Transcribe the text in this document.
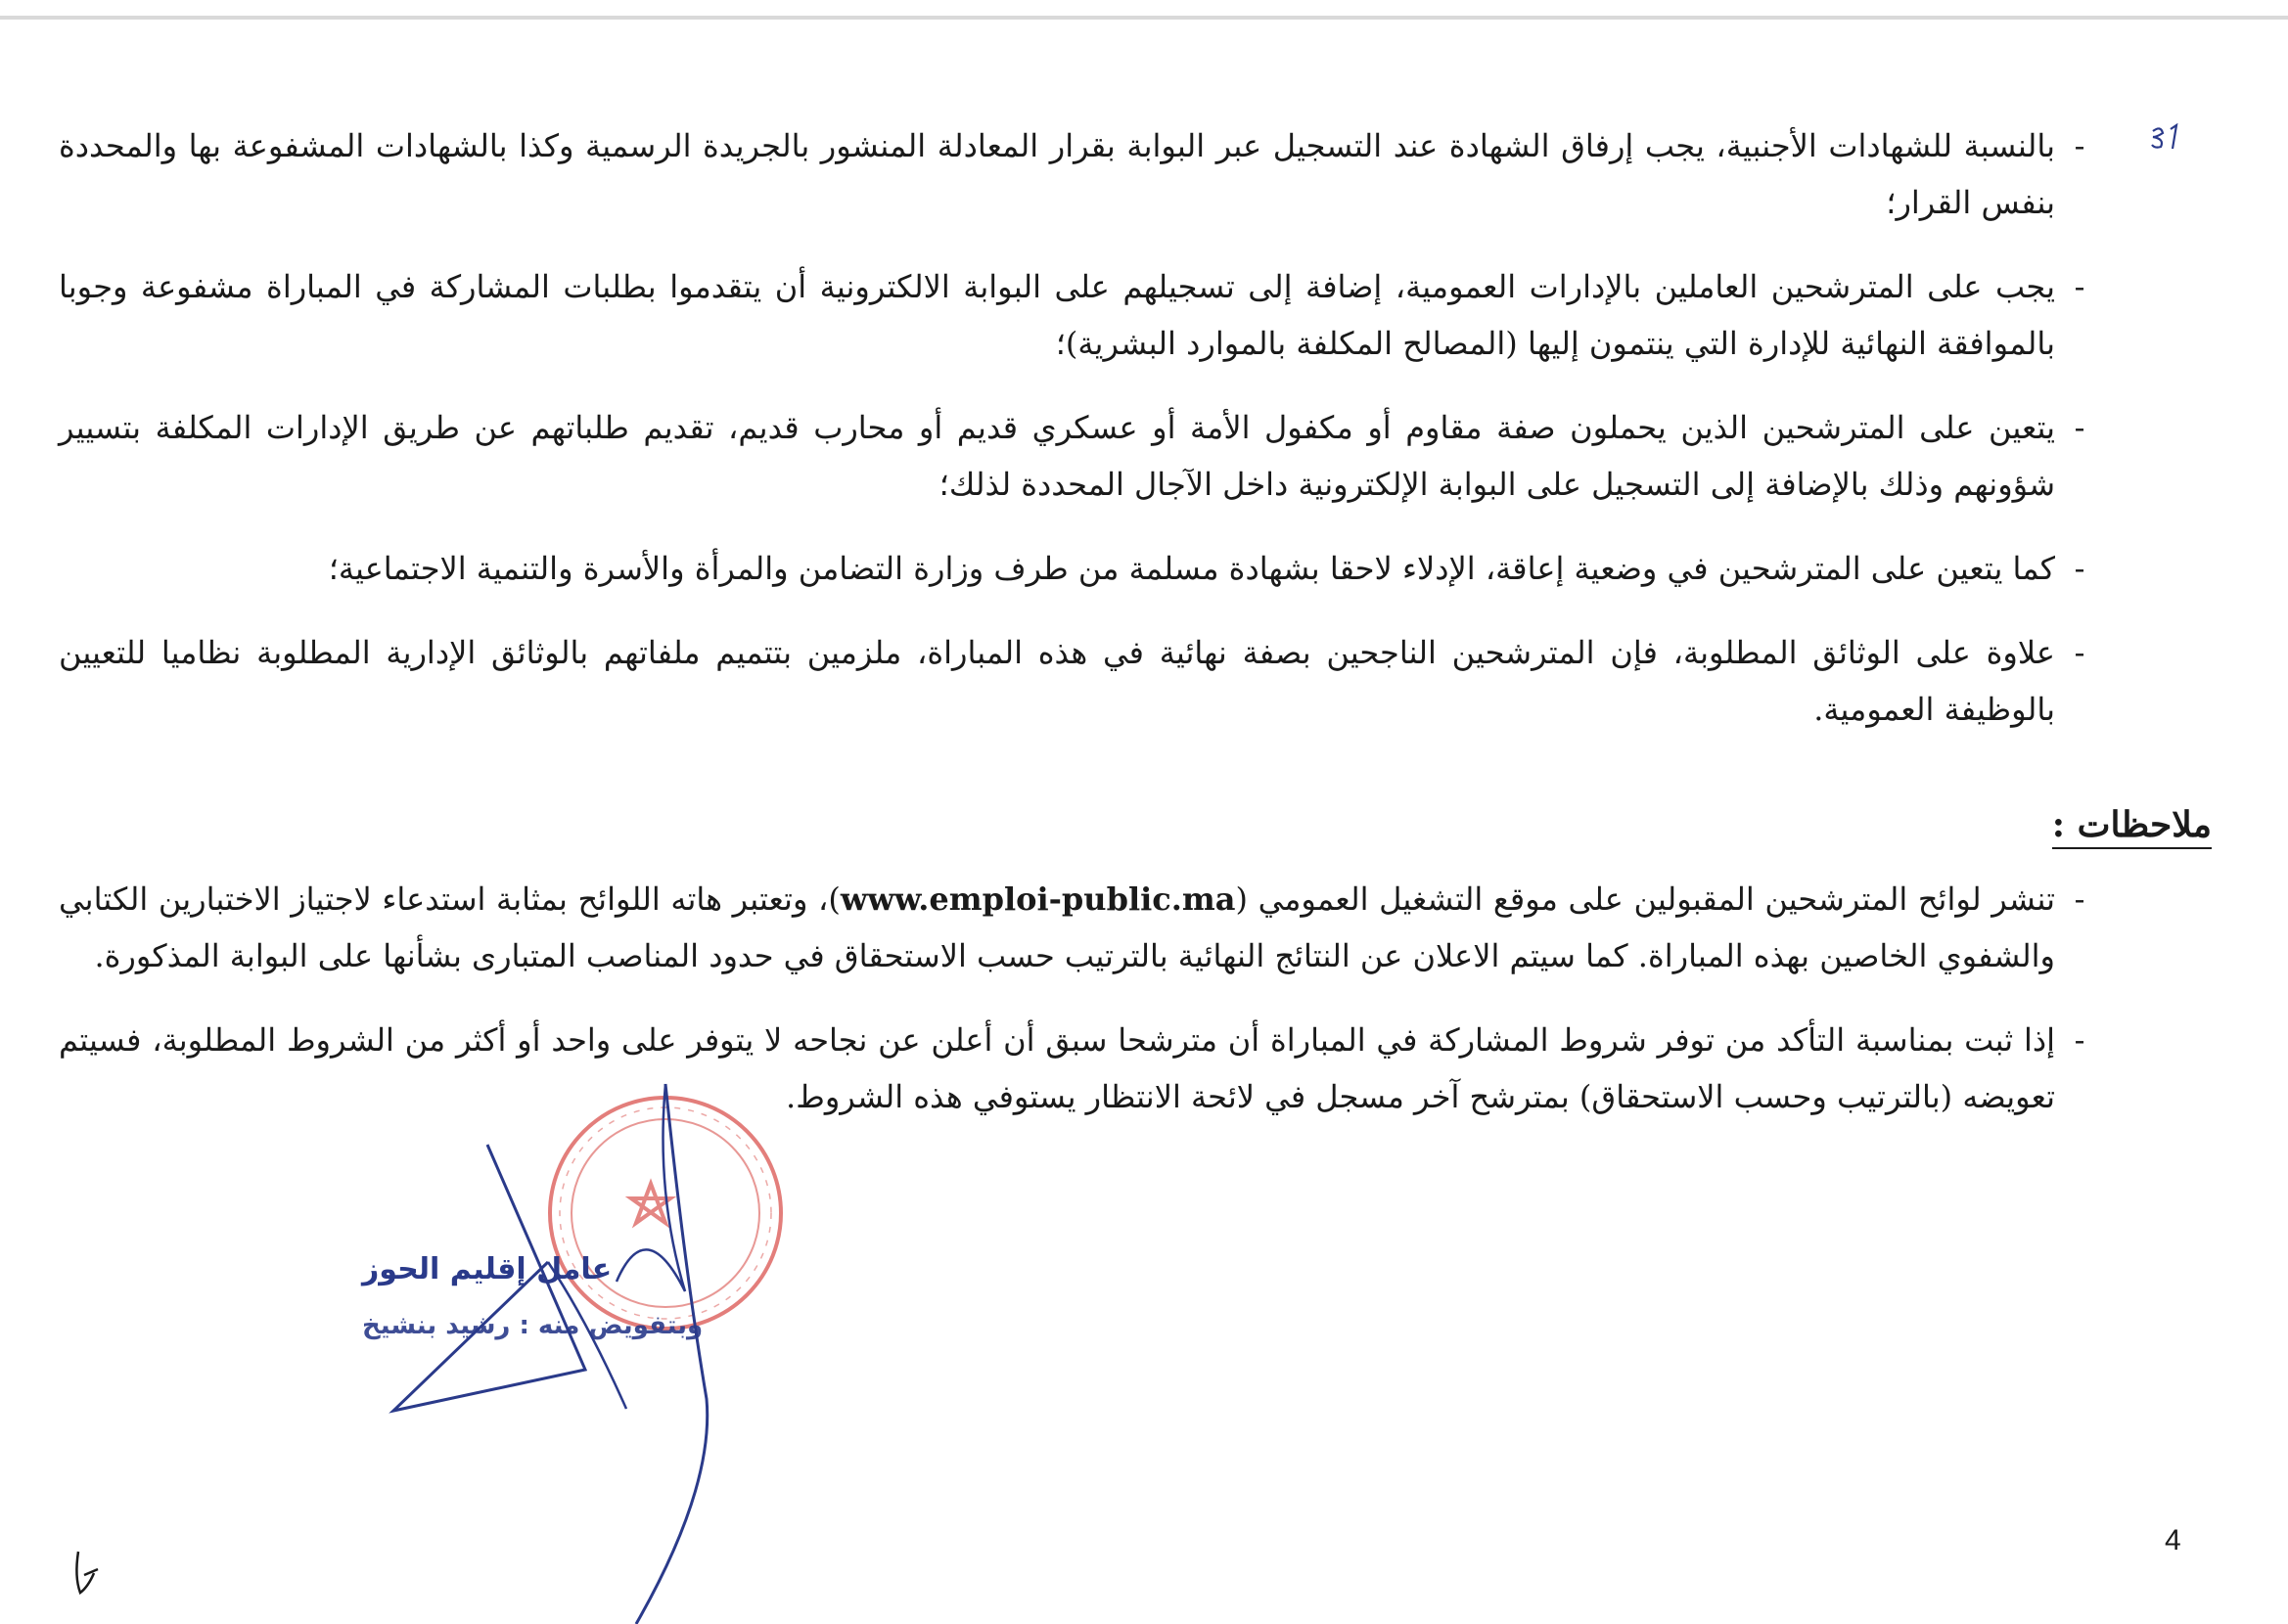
-
بالنسبة للشهادات الأجنبية، يجب إرفاق الشهادة عند التسجيل عبر البوابة بقرار المعادلة المنشور بالجريدة الرسمية وكذا بالشهادات المشفوعة بها والمحددة بنفس القرار؛
-
يجب على المترشحين العاملين بالإدارات العمومية، إضافة إلى تسجيلهم على البوابة الالكترونية أن يتقدموا بطلبات المشاركة في المباراة مشفوعة وجوبا بالموافقة النهائية للإدارة التي ينتمون إليها (المصالح المكلفة بالموارد البشرية)؛
-
يتعين على المترشحين الذين يحملون صفة مقاوم أو مكفول الأمة أو عسكري قديم أو محارب قديم، تقديم طلباتهم عن طريق الإدارات المكلفة بتسيير شؤونهم وذلك بالإضافة إلى التسجيل على البوابة الإلكترونية داخل الآجال المحددة لذلك؛
-
كما يتعين على المترشحين في وضعية إعاقة، الإدلاء لاحقا بشهادة مسلمة من طرف وزارة التضامن والمرأة والأسرة والتنمية الاجتماعية؛
-
علاوة على الوثائق المطلوبة، فإن المترشحين الناجحين بصفة نهائية في هذه المباراة، ملزمين بتتميم ملفاتهم بالوثائق الإدارية المطلوبة نظاميا للتعيين بالوظيفة العمومية.
ملاحظات :
-
تنشر لوائح المترشحين المقبولين على موقع التشغيل العمومي (www.emploi-public.ma)، وتعتبر هاته اللوائح بمثابة استدعاء لاجتياز الاختبارين الكتابي والشفوي الخاصين بهذه المباراة. كما سيتم الاعلان عن النتائج النهائية بالترتيب حسب الاستحقاق في حدود المناصب المتبارى بشأنها على البوابة المذكورة.
-
إذا ثبت بمناسبة التأكد من توفر شروط المشاركة في المباراة أن مترشحا سبق أن أعلن عن نجاحه لا يتوفر على واحد أو أكثر من الشروط المطلوبة، فسيتم تعويضه (بالترتيب وحسب الاستحقاق) بمترشح آخر مسجل في لائحة الانتظار يستوفي هذه الشروط.
عامل إقليم الحوز
وبتفويض منه : رشيد بنشيخ
4
